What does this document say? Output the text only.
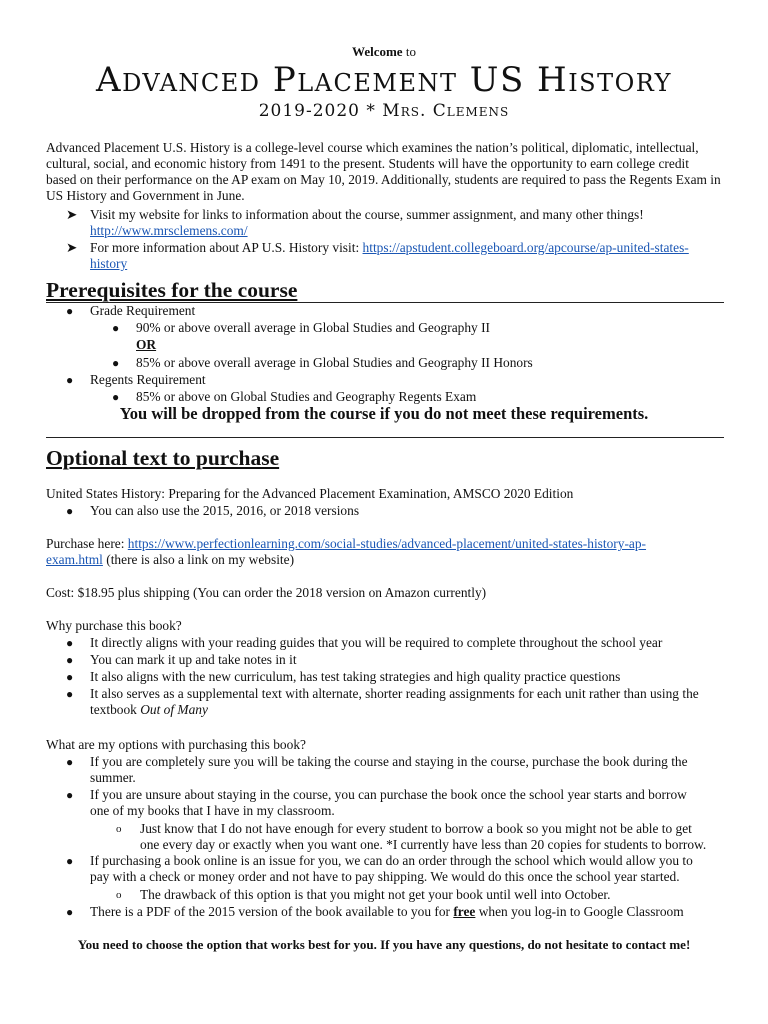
Welcome to
Advanced Placement US History
2019-2020 * Mrs. Clemens
Advanced Placement U.S. History is a college-level course which examines the nation’s political, diplomatic, intellectual, cultural, social, and economic history from 1491 to the present. Students will have the opportunity to earn college credit based on their performance on the AP exam on May 10, 2019. Additionally, students are required to pass the Regents Exam in US History and Government in June.
➤ Visit my website for links to information about the course, summer assignment, and many other things!
http://www.mrsclemens.com/
➤ For more information about AP U.S. History visit: https://apstudent.collegeboard.org/apcourse/ap-united-states-
history
Prerequisites for the course
● Grade Requirement
● 90% or above overall average in Global Studies and Geography II
OR
● 85% or above overall average in Global Studies and Geography II Honors
● Regents Requirement
● 85% or above on Global Studies and Geography Regents Exam
You will be dropped from the course if you do not meet these requirements.
Optional text to purchase
United States History: Preparing for the Advanced Placement Examination, AMSCO 2020 Edition
● You can also use the 2015, 2016, or 2018 versions
Purchase here: https://www.perfectionlearning.com/social-studies/advanced-placement/united-states-history-ap-
exam.html (there is also a link on my website)
Cost: $18.95 plus shipping (You can order the 2018 version on Amazon currently)
Why purchase this book?
● It directly aligns with your reading guides that you will be required to complete throughout the school year
● You can mark it up and take notes in it
● It also aligns with the new curriculum, has test taking strategies and high quality practice questions
● It also serves as a supplemental text with alternate, shorter reading assignments for each unit rather than using the
textbook Out of Many
What are my options with purchasing this book?
● If you are completely sure you will be taking the course and staying in the course, purchase the book during the
summer.
● If you are unsure about staying in the course, you can purchase the book once the school year starts and borrow
one of my books that I have in my classroom.
o Just know that I do not have enough for every student to borrow a book so you might not be able to get
one every day or exactly when you want one. *I currently have less than 20 copies for students to borrow.
● If purchasing a book online is an issue for you, we can do an order through the school which would allow you to
pay with a check or money order and not have to pay shipping. We would do this once the school year started.
o The drawback of this option is that you might not get your book until well into October.
● There is a PDF of the 2015 version of the book available to you for free when you log-in to Google Classroom
You need to choose the option that works best for you. If you have any questions, do not hesitate to contact me!
